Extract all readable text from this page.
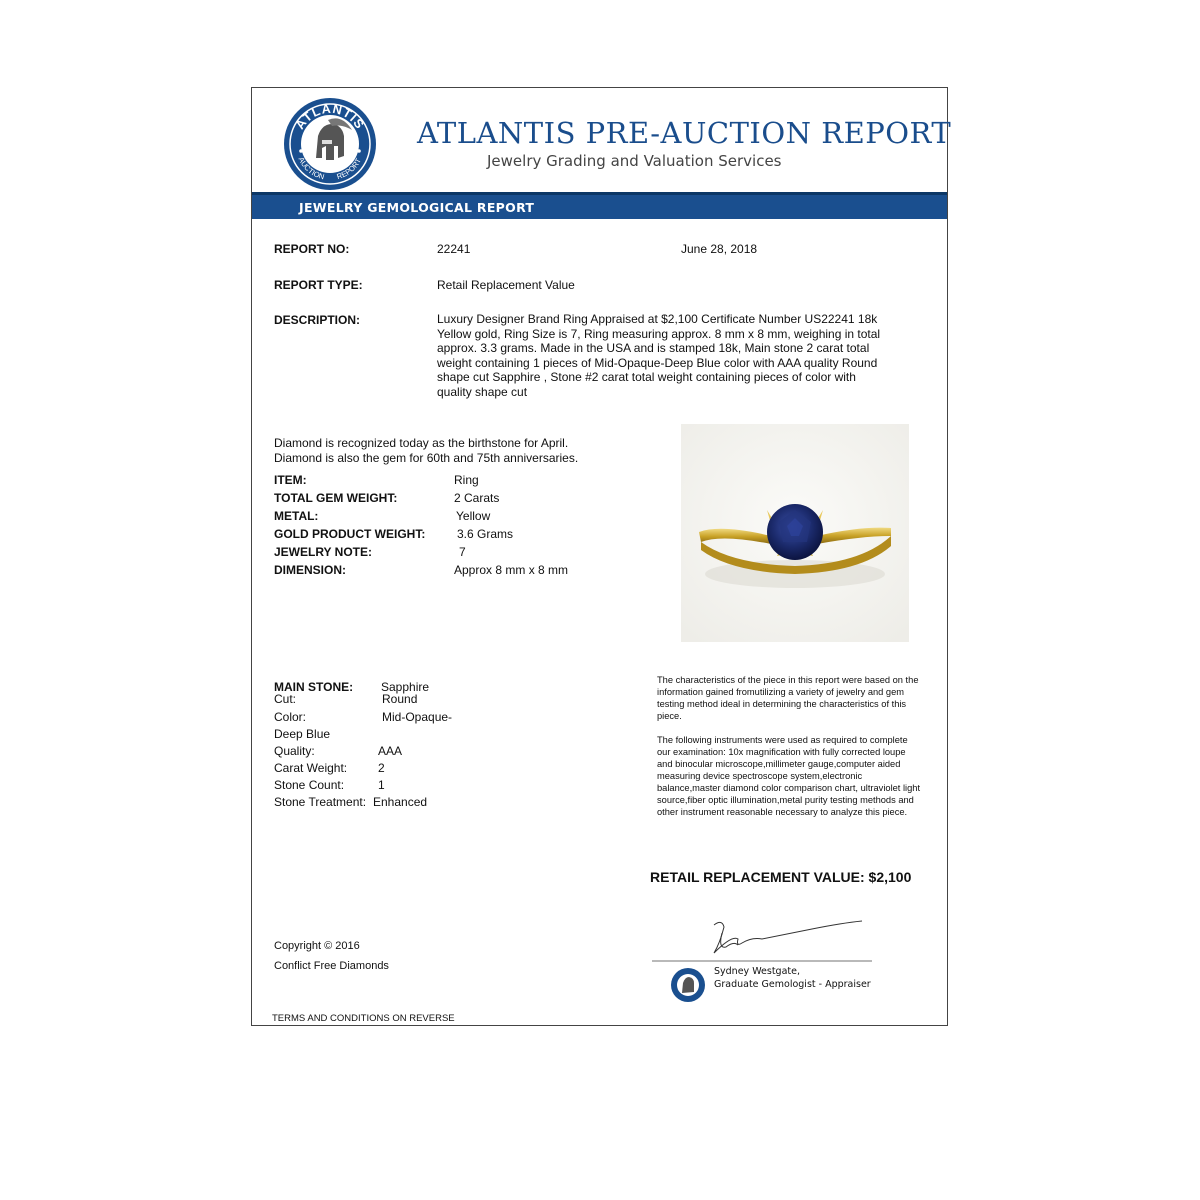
ATLANTIS
AUCTION REPORT
ATLANTIS PRE-AUCTION REPORT
Jewelry Grading and Valuation Services
JEWELRY GEMOLOGICAL REPORT
REPORT NO:	22241	June 28, 2018
REPORT TYPE:	Retail Replacement Value
DESCRIPTION:	Luxury Designer Brand Ring Appraised at $2,100 Certificate Number US22241 18k Yellow gold, Ring Size is 7, Ring measuring approx. 8 mm x 8 mm, weighing in total approx. 3.3 grams. Made in the USA and is stamped 18k, Main stone 2 carat total weight containing 1 pieces of Mid-Opaque-Deep Blue color with AAA quality Round shape cut Sapphire , Stone #2 carat total weight containing pieces of color with quality shape cut
Diamond is recognized today as the birthstone for April.
Diamond is also the gem for 60th and 75th anniversaries.
ITEM:	Ring
TOTAL GEM WEIGHT:	2 Carats
METAL:	Yellow
GOLD PRODUCT WEIGHT:	3.6 Grams
JEWELRY NOTE:	7
DIMENSION:	Approx 8 mm x 8 mm
MAIN STONE: Sapphire
Cut:	Round
Color:	Mid-Opaque-
Deep Blue
Quality:	AAA
Carat Weight:	2
Stone Count:	1
Stone Treatment: Enhanced
The characteristics of the piece in this report were based on the information gained fromutilizing a variety of jewelry and gem testing method ideal in determining the characteristics of this piece.
The following instruments were used as required to complete our examination: 10x magnification with fully corrected loupe and binocular microscope,millimeter gauge,computer aided measuring device spectroscope system,electronic balance,master diamond color comparison chart, ultraviolet light source,fiber optic illumination,metal purity testing methods and other instrument reasonable necessary to analyze this piece.
RETAIL REPLACEMENT VALUE: $2,100
Copyright © 2016
Conflict Free Diamonds	Sydney Westgate,
Graduate Gemologist - Appraiser
TERMS AND CONDITIONS ON REVERSE
